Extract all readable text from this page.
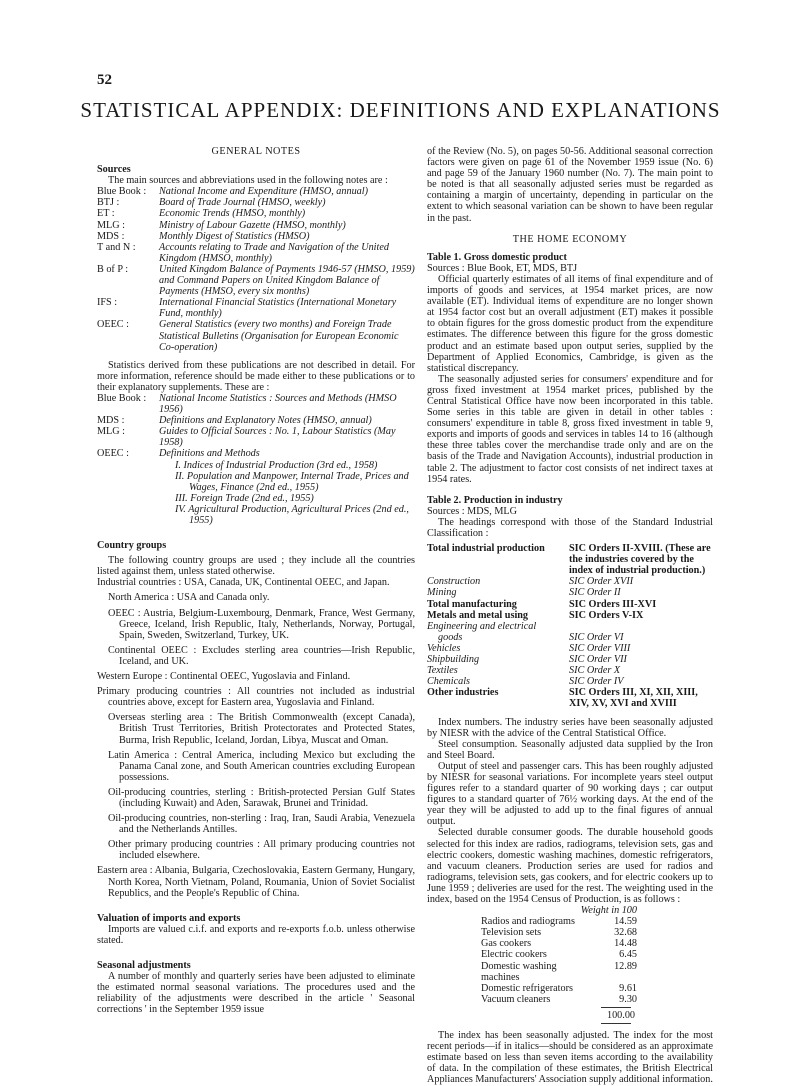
52
STATISTICAL APPENDIX: DEFINITIONS AND EXPLANATIONS
GENERAL NOTES
Sources

The main sources and abbreviations used in the following notes are :

Blue Book :	National Income and Expenditure (HMSO, annual)
BTJ :	Board of Trade Journal (HMSO, weekly)
ET :	Economic Trends (HMSO, monthly)
MLG :	Ministry of Labour Gazette (HMSO, monthly)
MDS :	Monthly Digest of Statistics (HMSO)
T and N :	Accounts relating to Trade and Navigation of the United Kingdom (HMSO, monthly)
B of P :	United Kingdom Balance of Payments 1946-57 (HMSO, 1959) and Command Papers on United Kingdom Balance of Payments (HMSO, every six months)
IFS :	International Financial Statistics (International Monetary Fund, monthly)
OEEC :	General Statistics (every two months) and Foreign Trade Statistical Bulletins (Organisation for European Economic Co-operation)

Statistics derived from these publications are not described in detail. For more information, reference should be made either to these publications or to their explanatory supplements. These are :

Blue Book :	National Income Statistics : Sources and Methods (HMSO 1956)
MDS :	Definitions and Explanatory Notes (HMSO, annual)
MLG :	Guides to Official Sources : No. 1, Labour Statistics (May 1958)
OEEC :	Definitions and Methods
I. Indices of Industrial Production (3rd ed., 1958)
II. Population and Manpower, Internal Trade, Prices and Wages, Finance (2nd ed., 1955)
III. Foreign Trade (2nd ed., 1955)
IV. Agricultural Production, Agricultural Prices (2nd ed., 1955)
Country groups

The following country groups are used ; they include all the countries listed against them, unless stated otherwise.

Industrial countries : USA, Canada, UK, Continental OEEC, and Japan.

North America : USA and Canada only.

OEEC : Austria, Belgium-Luxembourg, Denmark, France, West Germany, Greece, Iceland, Irish Republic, Italy, Netherlands, Norway, Portugal, Spain, Sweden, Switzerland, Turkey, UK.

Continental OEEC : Excludes sterling area countries—Irish Republic, Iceland, and UK.

Western Europe : Continental OEEC, Yugoslavia and Finland.

Primary producing countries : All countries not included as industrial countries above, except for Eastern area, Yugoslavia and Finland.

Overseas sterling area : The British Commonwealth (except Canada), British Trust Territories, British Protectorates and Protected States, Burma, Irish Republic, Iceland, Jordan, Libya, Muscat and Oman.

Latin America : Central America, including Mexico but excluding the Panama Canal zone, and South American countries excluding European possessions.

Oil-producing countries, sterling : British-protected Persian Gulf States (including Kuwait) and Aden, Sarawak, Brunei and Trinidad.

Oil-producing countries, non-sterling : Iraq, Iran, Saudi Arabia, Venezuela and the Netherlands Antilles.

Other primary producing countries : All primary producing countries not included elsewhere.

Eastern area : Albania, Bulgaria, Czechoslovakia, Eastern Germany, Hungary, North Korea, North Vietnam, Poland, Roumania, Union of Soviet Socialist Republics, and the People's Republic of China.

Valuation of imports and exports

Imports are valued c.i.f. and exports and re-exports f.o.b. unless otherwise stated.

Seasonal adjustments

A number of monthly and quarterly series have been adjusted to eliminate the estimated normal seasonal variations. The procedures used and the reliability of the adjustments were described in the article ' Seasonal corrections ' in the September 1959 issue

of the Review (No. 5), on pages 50-56. Additional seasonal correction factors were given on page 61 of the November 1959 issue (No. 6) and page 59 of the January 1960 number (No. 7). The main point to be noted is that all seasonally adjusted series must be regarded as containing a margin of uncertainty, depending in particular on the extent to which seasonal variation can be shown to have been regular in the past.

THE HOME ECONOMY
Table 1. Gross domestic product

Sources : Blue Book, ET, MDS, BTJ

Official quarterly estimates of all items of final expenditure and of imports of goods and services, at 1954 market prices, are now available (ET). Individual items of expenditure are no longer shown at 1954 factor cost but an overall adjustment (ET) makes it possible to obtain figures for the gross domestic product from the expenditure estimates. The difference between this figure for the gross domestic product and an estimate based upon output series, supplied by the Department of Applied Economics, Cambridge, is given as the statistical discrepancy.

The seasonally adjusted series for consumers' expenditure and for gross fixed investment at 1954 market prices, published by the Central Statistical Office have now been incorporated in this table. Some series in this table are given in detail in other tables : consumers' expenditure in table 8, gross fixed investment in table 9, exports and imports of goods and services in tables 14 to 16 (although these three tables cover the merchandise trade only and are on the basis of the Trade and Navigation Accounts), industrial production in table 2. The adjustment to factor cost consists of net indirect taxes at 1954 rates.

Table 2. Production in industry

Sources : MDS, MLG

The headings correspond with those of the Standard Industrial Classification :

Total industrial production	SIC Orders II-XVIII. (These are the industries covered by the index of industrial production.)
Construction	SIC Order XVII
Mining	SIC Order II
Total manufacturing	SIC Orders III-XVI
Metals and metal using	SIC Orders V-IX
Engineering and electrical
goods	SIC Order VI
Vehicles	SIC Order VIII
Shipbuilding	SIC Order VII
Textiles	SIC Order X
Chemicals	SIC Order IV
Other industries	SIC Orders III, XI, XII, XIII, XIV, XV, XVI and XVIII

Index numbers. The industry series have been seasonally adjusted by NIESR with the advice of the Central Statistical Office.

Steel consumption. Seasonally adjusted data supplied by the Iron and Steel Board.

Output of steel and passenger cars. This has been roughly adjusted by NIESR for seasonal variations. For incomplete years steel output figures refer to a standard quarter of 90 working days ; car output figures to a standard quarter of 76½ working days. At the end of the year they will be adjusted to add up to the final figures of annual output.

Selected durable consumer goods. The durable household goods selected for this index are radios, radiograms, television sets, gas and electric cookers, domestic washing machines, domestic refrigerators, and vacuum cleaners. Production series are used for radios and radiograms, television sets, gas cookers, and for electric cookers up to June 1959 ; deliveries are used for the rest. The weighting used in the index, based on the 1954 Census of Production, is as follows :

Weight in 100
Radios and radiograms	14.59
Television sets	32.68
Gas cookers	14.48
Electric cookers	6.45
Domestic washing machines
12.89
Domestic refrigerators	9.61
Vacuum cleaners	9.30
100.00

The index has been seasonally adjusted. The index for the most recent periods—if in italics—should be considered as an approximate estimate based on less than seven items according to the availability of data. In the compilation of these estimates, the British Electrical Appliances Manufacturers' Association supply additional information.
